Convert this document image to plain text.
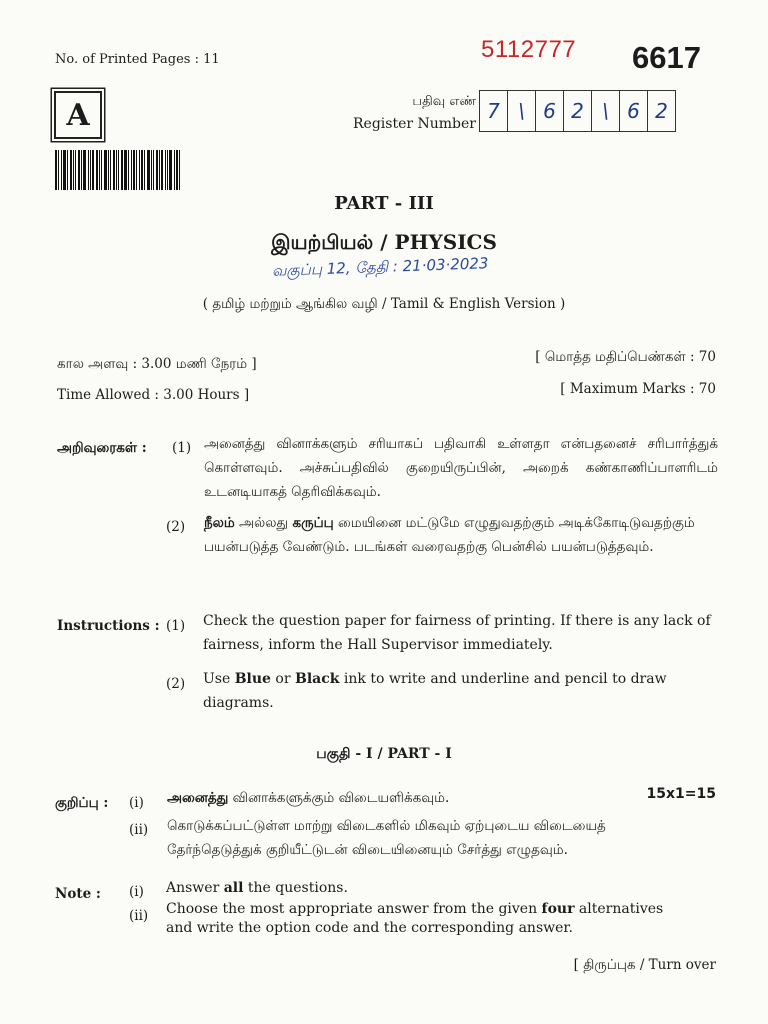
No. of Printed Pages : 11	5112777 6617
A	பதிவு எண்
Register Number
7 \ 6 2 \ 6 2
PART - III
இயற்பியல் / PHYSICS
வகுப்பு 12, தேதி : 21·03·2023
( தமிழ் மற்றும் ஆங்கில வழி / Tamil & English Version )
கால அளவு : 3.00 மணி நேரம் ]
Time Allowed : 3.00 Hours ]
[ மொத்த மதிப்பெண்கள் : 70
[ Maximum Marks : 70
அறிவுரைகள் : (1) அனைத்து வினாக்களும் சரியாகப் பதிவாகி உள்ளதா என்பதனைச் சரிபார்த்துக் கொள்ளவும். அச்சுப்பதிவில் குறையிருப்பின், அறைக் கண்காணிப்பாளரிடம் உடனடியாகத் தெரிவிக்கவும்.
(2) நீலம் அல்லது கருப்பு மையினை மட்டுமே எழுதுவதற்கும் அடிக்கோடிடுவதற்கும் பயன்படுத்த வேண்டும். படங்கள் வரைவதற்கு பென்சில் பயன்படுத்தவும்.
Instructions : (1) Check the question paper for fairness of printing. If there is any lack of fairness, inform the Hall Supervisor immediately.
(2) Use Blue or Black ink to write and underline and pencil to draw diagrams.
பகுதி - I / PART - I
15x1=15
குறிப்பு : (i) அனைத்து வினாக்களுக்கும் விடையளிக்கவும்.
(ii) கொடுக்கப்பட்டுள்ள மாற்று விடைகளில் மிகவும் ஏற்புடைய விடையைத் தேர்ந்தெடுத்துக் குறியீட்டுடன் விடையினையும் சேர்த்து எழுதவும்.
Note : (i) Answer all the questions.
(ii) Choose the most appropriate answer from the given four alternatives and write the option code and the corresponding answer.
[ திருப்புக / Turn over
